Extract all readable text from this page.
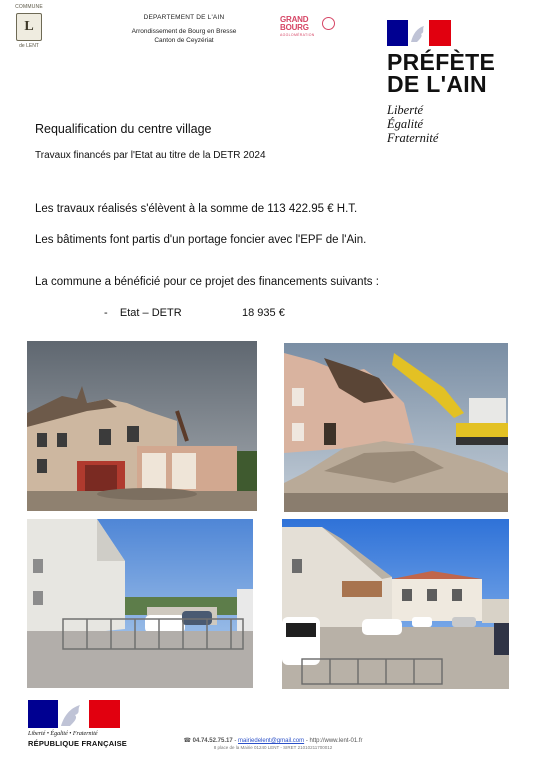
COMMUNE
L
de LENT
DEPARTEMENT DE L'AIN
Arrondissement de Bourg en Bresse
Canton de Ceyzériat
GRAND
BOURG
AGGLOMÉRATION
PRÉFÈTE
DE L'AIN
Liberté
Égalité
Fraternité
Requalification du centre village
Travaux financés par l'Etat au titre de la DETR 2024
Les travaux réalisés s'élèvent à la somme de 113 422.95 € H.T.
Les bâtiments font partis d'un portage foncier avec l'EPF de l'Ain.
La commune a bénéficié pour ce projet des financements suivants :
- Etat – DETR	18 935 €
Liberté • Égalité • Fraternité
RÉPUBLIQUE FRANÇAISE	☎ 04.74.52.75.17 - mairiedelent@gmail.com - http://www.lent-01.fr
8 place de la Mairie 01240 LENT - SIRET 21010211700012
